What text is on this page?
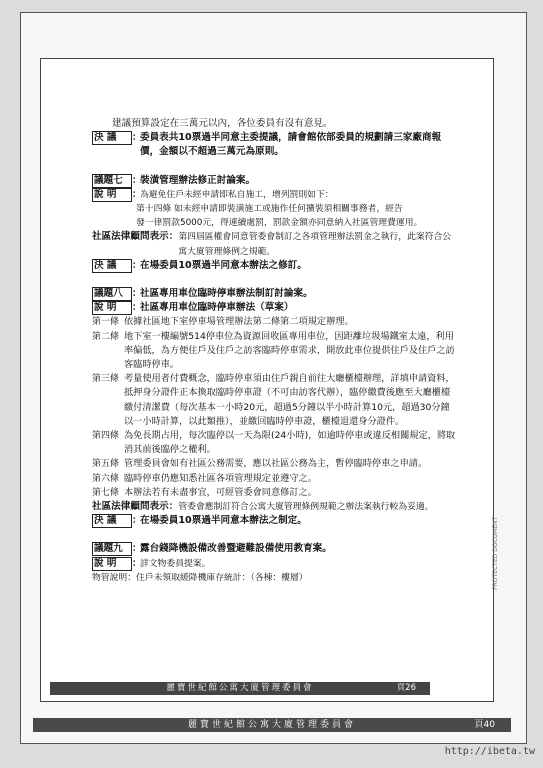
建議預算設定在三萬元以內，各位委員有沒有意見。

決 議	：
委員表共10票過半同意主委提議，請會館依部委員的規劃請三家廠商報價，金額以不超過三萬元為原則。
議題七 ：
裝潢管理辦法修正討論案。
說 明	：
為避免住戶未經申請即私自施工，增列罰則如下：

第十四條 如未經申請即裝潢施工或施作任何擴裝須相關事務者，經告

發一律罰款5000元，得連續處罰，罰款金額亦同意納入社區管理費運用。

社區法律顧問表示 ： 第四屆區權會同意管委會制訂之各項管理辦法罰金之執行，此案符合公寓大廈管理條例之規範。
決 議	：
在場委員10票過半同意本辦法之修訂。
議題八 ：
社區專用車位臨時停車辦法制訂討論案。
說 明	：
社區專用車位臨時停車辦法（草案）
第一條 依據社區地下室停車場管理辦法第二條第二項規定辦理。
第二條 地下室一樓編號514停車位為資源回收區專用車位，因距離垃圾場鐵室太遠，利用率偏低，為方便住戶及住戶之訪客臨時停車需求，開放此車位提供住戶及住戶之訪客臨時停車。
第三條 考量使用者付費概念，臨時停車須由住戶親自前往大廳櫃檯辦理，詳填申請資料，抵押身分證件正本換取臨時停車證（不可由訪客代辦），臨停繳費後應至大廳櫃檯繳付清潔費（每次基本一小時20元，超過5分鐘以半小時計算10元，超過30分鐘以一小時計算，以此類推），並繳回臨時停車證，櫃檯退還身分證件。
第四條 為免長期占用，每次臨停以一天為限(24小時)，如逾時停車或違反相關規定，將取消其前後臨停之權利。
第五條 管理委員會如有社區公務需要，應以社區公務為主，暫停臨時停車之申請。
第六條 臨時停車仍應知悉社區各項管理規定並遵守之。
第七條 本辦法若有未盡事宜，可經管委會同意修訂之。
社區法律顧問表示 ： 管委會應制訂符合公寓大廈管理條例規範之辦法案執行較為妥適。
決 議	：
在場委員10票過半同意本辦法之制定。
議題九 ：
露台錢降機設備改善暨避難設備使用教育案。
說 明	：
詳文物委員提案。
物管說明 ： 住戶未領取緩降機庫存統計：（各棟：樓層）
麗寶世紀館公寓大廈管理委員會	頁26
麗寶世紀館公寓大廈管理委員會	頁40
PROTECTED DOCUMENT
http://ibeta.tw
